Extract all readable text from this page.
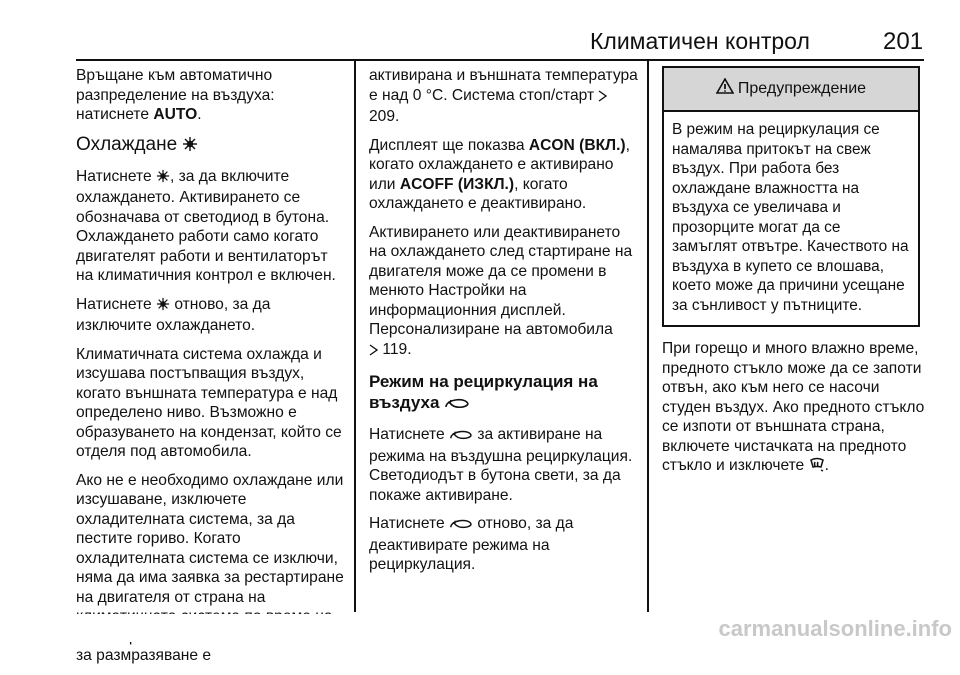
Климатичен контрол	201

Връщане към автоматично разпределение на въздуха: натиснете AUTO.

Охлаждане

Натиснете , за да включите охлаждането. Активирането се обозначава от светодиод в бутона. Охлаждането работи само когато двигателят работи и вентилаторът на климатичния контрол е включен.

Натиснете  отново, за да изключите охлаждането.

Климатичната система охлажда и изсушава постъпващия въздух, когато външната температура е над определено ниво. Възможно е образуването на кондензат, който се отделя под автомобила.

Ако не е необходимо охлаждане или изсушаване, изключете охладителната система, за да пестите гориво. Когато охладителната система се изключи, няма да има заявка за рестартиране на двигателя от страна на за размразяване е

активирана и външната температура е над 0 °C. Система стоп/старт  209.

Дисплеят ще показва ACON (ВКЛ.), когато охлаждането е активирано или ACOFF (ИЗКЛ.), когато охлаждането е деактивирано.

Активирането или деактивирането на охлаждането след стартиране на двигателя може да се промени в менюто Настройки на информационния дисплей. Персонализиране на автомобила
119.

Режим на рециркулация на въздуха

Натиснете  за активиране на режима на въздушна рециркулация. Светодиодът в бутона свети, за да покаже активиране.

Натиснете  отново, за да деактивирате режима на рециркулация.

Предупреждение
В режим на рециркулация се намалява притокът на свеж въздух. При работа без охлаждане влажността на въздуха се увеличава и прозорците могат да се замъглят отвътре. Качеството на въздуха в купето се влошава, което може да причини усещане за сънливост у пътниците.

При горещо и много влажно време, предното стъкло може да се запоти отвън, ако към него се насочи студен въздух. Ако предното стъкло се изпоти от външната страна, включете чистачката на предното стъкло и изключете .

carmanualsonline.info
